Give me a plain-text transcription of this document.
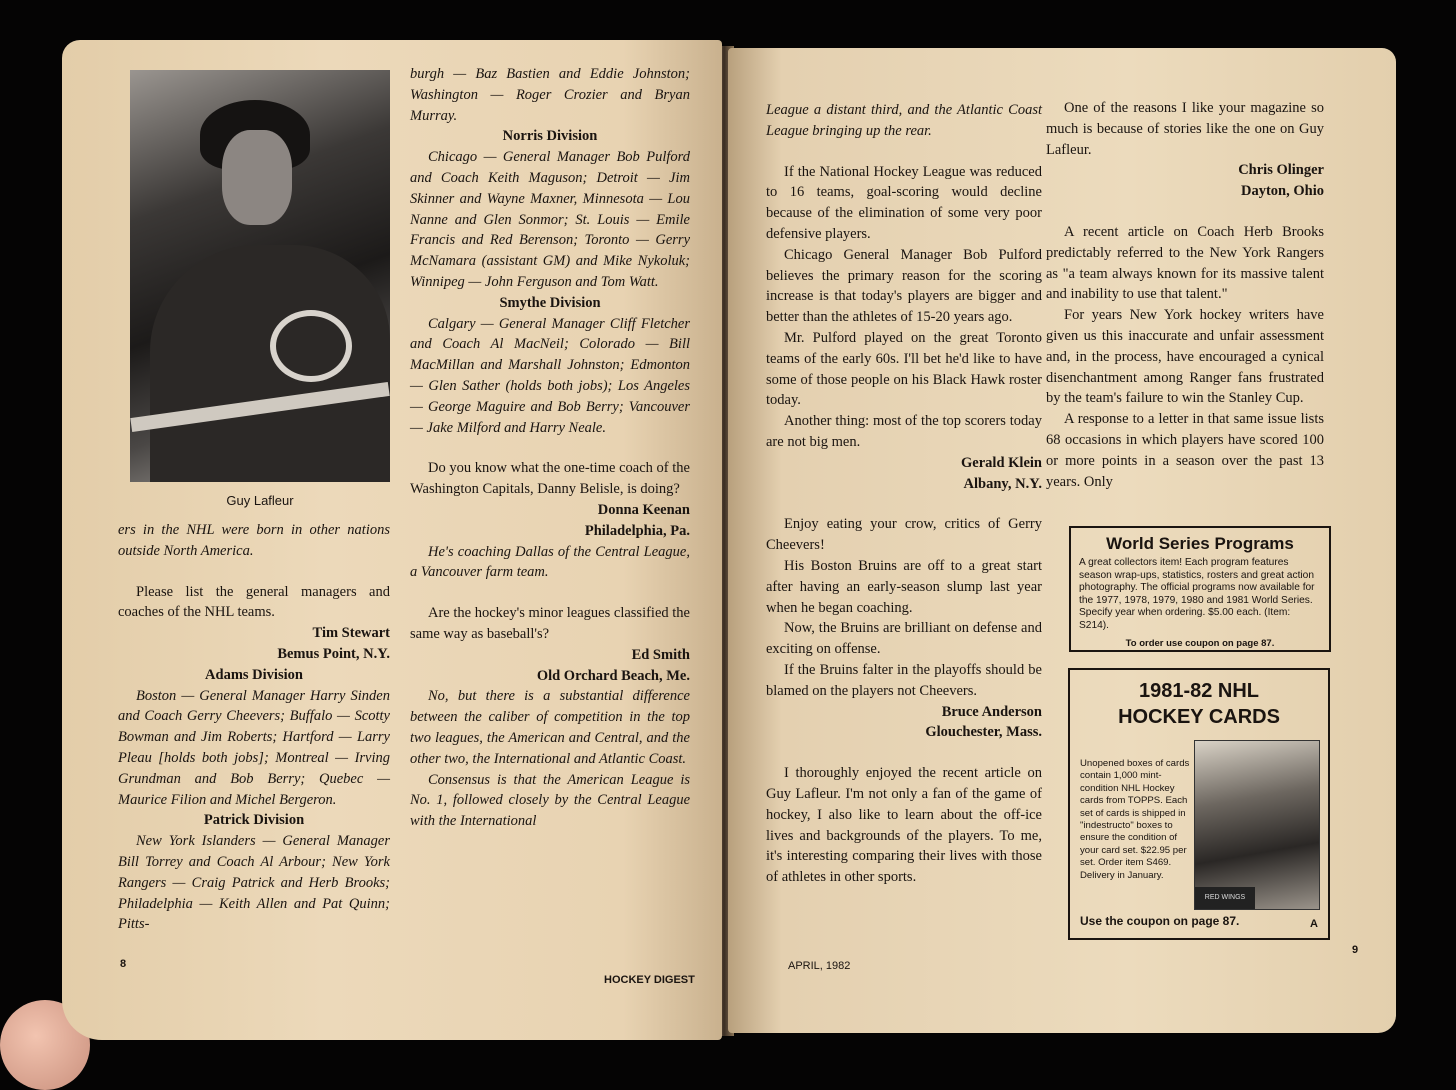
Guy Lafleur

ers in the NHL were born in other nations outside North America.

Please list the general managers and coaches of the NHL teams.

Tim Stewart

Bemus Point, N.Y.

Adams Division

Boston — General Manager Harry Sinden and Coach Gerry Cheevers; Buffalo — Scotty Bowman and Jim Roberts; Hartford — Larry Pleau [holds both jobs]; Montreal — Irving Grundman and Bob Berry; Quebec — Maurice Filion and Michel Bergeron.

Patrick Division

New York Islanders — General Manager Bill Torrey and Coach Al Arbour; New York Rangers — Craig Patrick and Herb Brooks; Philadelphia — Keith Allen and Pat Quinn; Pitts-

burgh — Baz Bastien and Eddie Johnston; Washington — Roger Crozier and Bryan Murray.

Norris Division

Chicago — General Manager Bob Pulford and Coach Keith Maguson; Detroit — Jim Skinner and Wayne Maxner, Minnesota — Lou Nanne and Glen Sonmor; St. Louis — Emile Francis and Red Berenson; Toronto — Gerry McNamara (assistant GM) and Mike Nykoluk; Winnipeg — John Ferguson and Tom Watt.

Smythe Division

Calgary — General Manager Cliff Fletcher and Coach Al MacNeil; Colorado — Bill MacMillan and Marshall Johnston; Edmonton — Glen Sather (holds both jobs); Los Angeles — George Maguire and Bob Berry; Vancouver — Jake Milford and Harry Neale.

Do you know what the one-time coach of the Washington Capitals, Danny Belisle, is doing?

Donna Keenan

Philadelphia, Pa.

He's coaching Dallas of the Central League, a Vancouver farm team.

Are the hockey's minor leagues classified the same way as baseball's?

Ed Smith

Old Orchard Beach, Me.

No, but there is a substantial difference between the caliber of competition in the top two leagues, the American and Central, and the other two, the International and Atlantic Coast.

Consensus is that the American League is No. 1, followed closely by the Central League with the International

8
HOCKEY DIGEST

League a distant third, and the Atlantic Coast League bringing up the rear.

If the National Hockey League was reduced to 16 teams, goal-scoring would decline because of the elimination of some very poor defensive players.

Chicago General Manager Bob Pulford believes the primary reason for the scoring increase is that today's players are bigger and better than the athletes of 15-20 years ago.

Mr. Pulford played on the great Toronto teams of the early 60s. I'll bet he'd like to have some of those people on his Black Hawk roster today.

Another thing: most of the top scorers today are not big men.

Gerald Klein

Albany, N.Y.

Enjoy eating your crow, critics of Gerry Cheevers!

His Boston Bruins are off to a great start after having an early-season slump last year when he began coaching.

Now, the Bruins are brilliant on defense and exciting on offense.

If the Bruins falter in the playoffs should be blamed on the players not Cheevers.

Bruce Anderson

Glouchester, Mass.

I thoroughly enjoyed the recent article on Guy Lafleur. I'm not only a fan of the game of hockey, I also like to learn about the off-ice lives and backgrounds of the players. To me, it's interesting comparing their lives with those of athletes in other sports.

One of the reasons I like your magazine so much is because of stories like the one on Guy Lafleur.

Chris Olinger

Dayton, Ohio

A recent article on Coach Herb Brooks predictably referred to the New York Rangers as "a team always known for its massive talent and inability to use that talent."

For years New York hockey writers have given us this inaccurate and unfair assessment and, in the process, have encouraged a cynical disenchantment among Ranger fans frustrated by the team's failure to win the Stanley Cup.

A response to a letter in that same issue lists 68 occasions in which players have scored 100 or more points in a season over the past 13 years. Only

World Series Programs
A great collectors item! Each program features season wrap-ups, statistics, rosters and great action photography. The official programs now available for the 1977, 1978, 1979, 1980 and 1981 World Series. Specify year when ordering. $5.00 each. (Item: S214).
To order use coupon on page 87.
1981-82 NHL
HOCKEY CARDS
Unopened boxes of cards contain 1,000 mint-condition NHL Hockey cards from TOPPS. Each set of cards is shipped in "indestructo" boxes to ensure the condition of your card set. $22.95 per set. Order item S469. Delivery in January.
RED WINGS
Use the coupon on page 87.	A
APRIL, 1982
9
